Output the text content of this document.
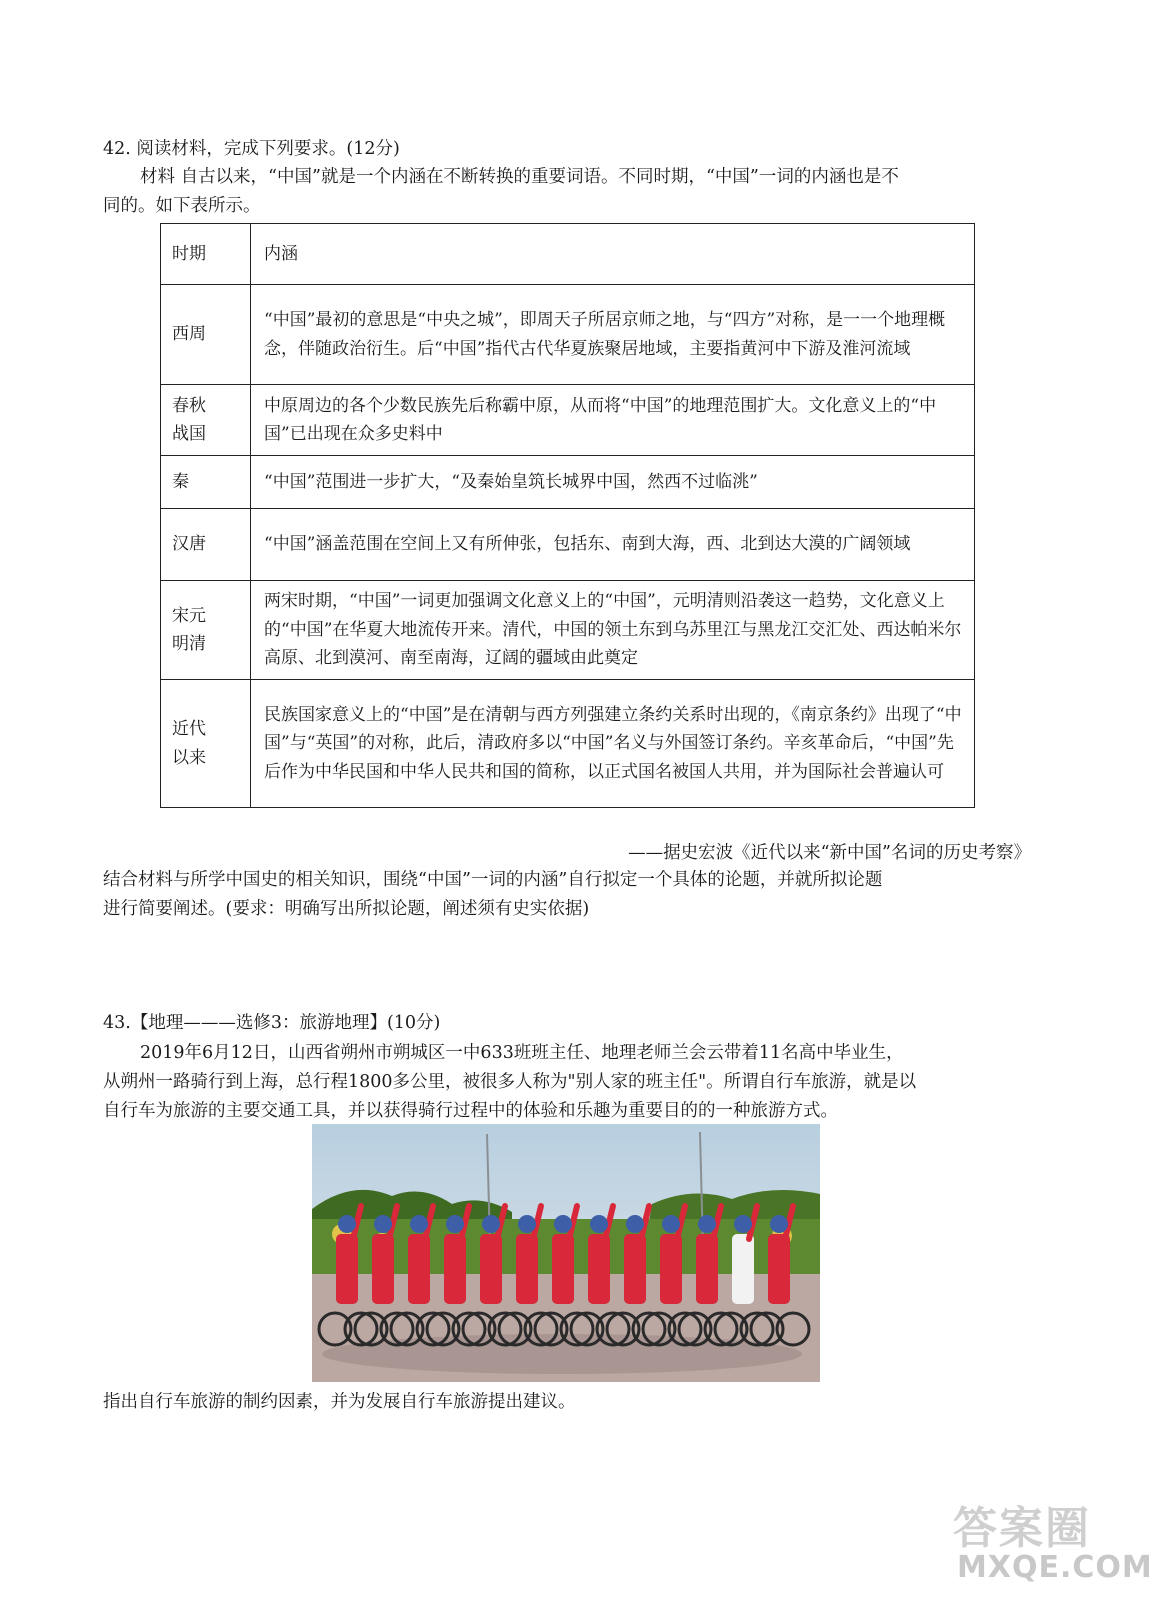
42. 阅读材料，完成下列要求。(12分)
材料 自古以来，“中国”就是一个内涵在不断转换的重要词语。不同时期，“中国”一词的内涵也是不
同的。如下表所示。
时期	内涵
西周	“中国”最初的意思是“中央之城”，即周天子所居京师之地，与“四方”对称，是一一个地理概念，伴随政治衍生。后“中国”指代古代华夏族聚居地域，主要指黄河中下游及淮河流域
春秋战国	中原周边的各个少数民族先后称霸中原，从而将“中国”的地理范围扩大。文化意义上的“中国”已出现在众多史料中
秦	“中国”范围进一步扩大，“及秦始皇筑长城界中国，然西不过临洮”
汉唐	“中国”涵盖范围在空间上又有所伸张，包括东、南到大海，西、北到达大漠的广阔领域
宋元明清	两宋时期，“中国”一词更加强调文化意义上的“中国”，元明清则沿袭这一趋势，文化意义上的“中国”在华夏大地流传开来。清代，中国的领土东到乌苏里江与黑龙江交汇处、西达帕米尔高原、北到漠河、南至南海，辽阔的疆域由此奠定
近代以来	民族国家意义上的“中国”是在清朝与西方列强建立条约关系时出现的，《南京条约》出现了“中国”与“英国”的对称，此后，清政府多以“中国”名义与外国签订条约。辛亥革命后，“中国”先后作为中华民国和中华人民共和国的简称，以正式国名被国人共用，并为国际社会普遍认可
——据史宏波《近代以来“新中国”名词的历史考察》
结合材料与所学中国史的相关知识，围绕“中国”一词的内涵”自行拟定一个具体的论题，并就所拟论题
进行简要阐述。(要求：明确写出所拟论题，阐述须有史实依据)
43.【地理———选修3：旅游地理】(10分)
2019年6月12日，山西省朔州市朔城区一中633班班主任、地理老师兰会云带着11名高中毕业生，
从朔州一路骑行到上海，总行程1800多公里，被很多人称为"别人家的班主任"。所谓自行车旅游，就是以
自行车为旅游的主要交通工具，并以获得骑行过程中的体验和乐趣为重要目的的一种旅游方式。
指出自行车旅游的制约因素，并为发展自行车旅游提出建议。
答案圈
MXQE.COM
